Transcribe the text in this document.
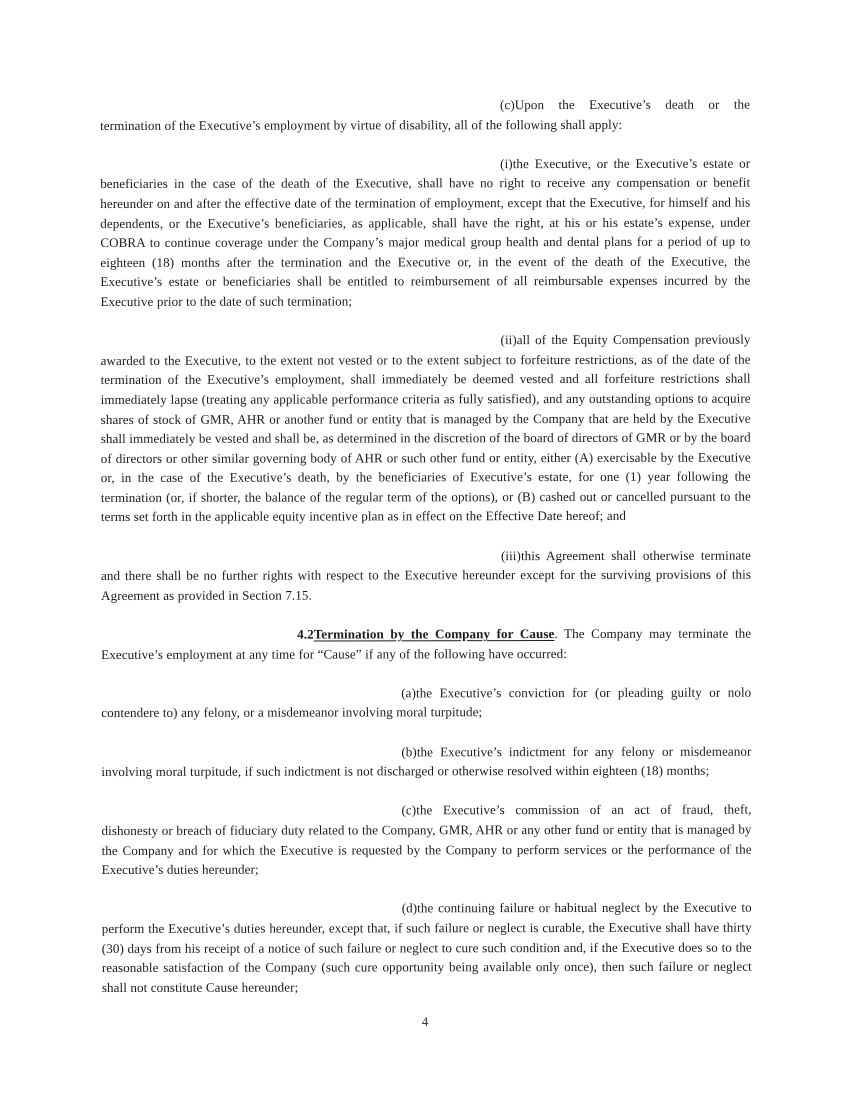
(c)Upon the Executive’s death or the termination of the Executive’s employment by virtue of disability, all of the following shall apply:

(i)the Executive, or the Executive’s estate or beneficiaries in the case of the death of the Executive, shall have no right to receive any compensation or benefit hereunder on and after the effective date of the termination of employment, except that the Executive, for himself and his dependents, or the Executive’s beneficiaries, as applicable, shall have the right, at his or his estate’s expense, under COBRA to continue coverage under the Company’s major medical group health and dental plans for a period of up to eighteen (18) months after the termination and the Executive or, in the event of the death of the Executive, the Executive’s estate or beneficiaries shall be entitled to reimbursement of all reimbursable expenses incurred by the Executive prior to the date of such termination;

(ii)all of the Equity Compensation previously awarded to the Executive, to the extent not vested or to the extent subject to forfeiture restrictions, as of the date of the termination of the Executive’s employment, shall immediately be deemed vested and all forfeiture restrictions shall immediately lapse (treating any applicable performance criteria as fully satisfied), and any outstanding options to acquire shares of stock of GMR, AHR or another fund or entity that is managed by the Company that are held by the Executive shall immediately be vested and shall be, as determined in the discretion of the board of directors of GMR or by the board of directors or other similar governing body of AHR or such other fund or entity, either (A) exercisable by the Executive or, in the case of the Executive’s death, by the beneficiaries of Executive’s estate, for one (1) year following the termination (or, if shorter, the balance of the regular term of the options), or (B) cashed out or cancelled pursuant to the terms set forth in the applicable equity incentive plan as in effect on the Effective Date hereof; and

(iii)this Agreement shall otherwise terminate and there shall be no further rights with respect to the Executive hereunder except for the surviving provisions of this Agreement as provided in Section 7.15.

4.2Termination by the Company for Cause. The Company may terminate the Executive’s employment at any time for “Cause” if any of the following have occurred:

(a)the Executive’s conviction for (or pleading guilty or nolo contendere to) any felony, or a misdemeanor involving moral turpitude;

(b)the Executive’s indictment for any felony or misdemeanor involving moral turpitude, if such indictment is not discharged or otherwise resolved within eighteen (18) months;

(c)the Executive’s commission of an act of fraud, theft, dishonesty or breach of fiduciary duty related to the Company, GMR, AHR or any other fund or entity that is managed by the Company and for which the Executive is requested by the Company to perform services or the performance of the Executive’s duties hereunder;

(d)the continuing failure or habitual neglect by the Executive to perform the Executive’s duties hereunder, except that, if such failure or neglect is curable, the Executive shall have thirty (30) days from his receipt of a notice of such failure or neglect to cure such condition and, if the Executive does so to the reasonable satisfaction of the Company (such cure opportunity being available only once), then such failure or neglect shall not constitute Cause hereunder;

4
